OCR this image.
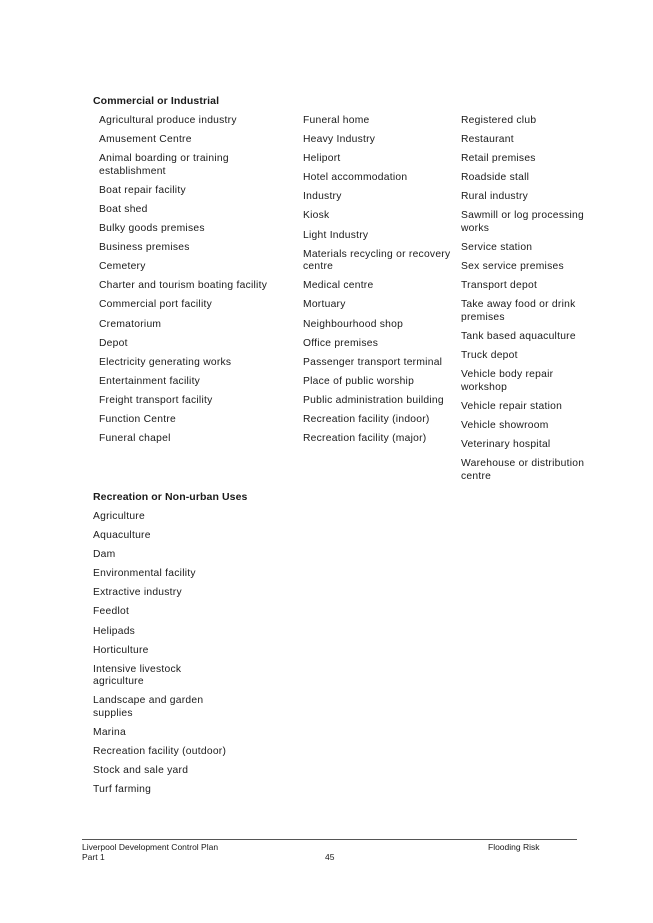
Commercial or Industrial
Agricultural produce industry
Amusement Centre
Animal boarding or training establishment
Boat repair facility
Boat shed
Bulky goods premises
Business premises
Cemetery
Charter and tourism boating facility
Commercial port facility
Crematorium
Depot
Electricity generating works
Entertainment facility
Freight transport facility
Function Centre
Funeral chapel
Funeral home
Heavy Industry
Heliport
Hotel accommodation
Industry
Kiosk
Light Industry
Materials recycling or recovery centre
Medical centre
Mortuary
Neighbourhood shop
Office premises
Passenger transport terminal
Place of public worship
Public administration building
Recreation facility (indoor)
Recreation facility (major)
Registered club
Restaurant
Retail premises
Roadside stall
Rural industry
Sawmill or log processing works
Service station
Sex service premises
Transport depot
Take away food or drink premises
Tank based aquaculture
Truck depot
Vehicle body repair workshop
Vehicle repair station
Vehicle showroom
Veterinary hospital
Warehouse or distribution centre
Recreation or Non-urban Uses
Agriculture
Aquaculture
Dam
Environmental facility
Extractive industry
Feedlot
Helipads
Horticulture
Intensive livestock agriculture
Landscape and garden supplies
Marina
Recreation facility (outdoor)
Stock and sale yard
Turf farming
Liverpool Development Control Plan
Part 1	45
Flooding Risk
